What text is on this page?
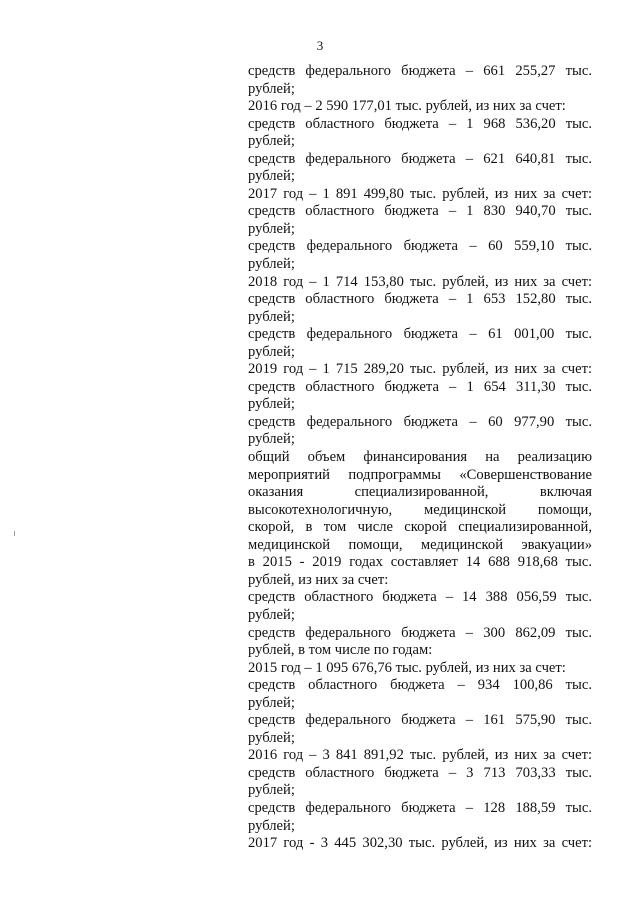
3
средств федерального бюджета – 661 255,27 тыс.
рублей;
2016 год – 2 590 177,01 тыс. рублей, из них за счет:
средств областного бюджета – 1 968 536,20 тыс.
рублей;
средств федерального бюджета – 621 640,81 тыс.
рублей;
2017 год – 1 891 499,80 тыс. рублей, из них за счет:
средств областного бюджета – 1 830 940,70 тыс.
рублей;
средств федерального бюджета – 60 559,10 тыс.
рублей;
2018 год – 1 714 153,80 тыс. рублей, из них за счет:
средств областного бюджета – 1 653 152,80 тыс.
рублей;
средств федерального бюджета – 61 001,00 тыс.
рублей;
2019 год – 1 715 289,20 тыс. рублей, из них за счет:
средств областного бюджета – 1 654 311,30 тыс.
рублей;
средств федерального бюджета – 60 977,90 тыс.
рублей;
общий объем финансирования на реализацию
мероприятий подпрограммы «Совершенствование
оказания специализированной, включая
высокотехнологичную, медицинской помощи,
скорой, в том числе скорой специализированной,
медицинской помощи, медицинской эвакуации»
в 2015 - 2019 годах составляет 14 688 918,68 тыс.
рублей, из них за счет:
средств областного бюджета – 14 388 056,59 тыс.
рублей;
средств федерального бюджета – 300 862,09 тыс.
рублей, в том числе по годам:
2015 год – 1 095 676,76 тыс. рублей, из них за счет:
средств областного бюджета – 934 100,86 тыс.
рублей;
средств федерального бюджета – 161 575,90 тыс.
рублей;
2016 год – 3 841 891,92 тыс. рублей, из них за счет:
средств областного бюджета – 3 713 703,33 тыс.
рублей;
средств федерального бюджета – 128 188,59 тыс.
рублей;
2017 год - 3 445 302,30 тыс. рублей, из них за счет:
